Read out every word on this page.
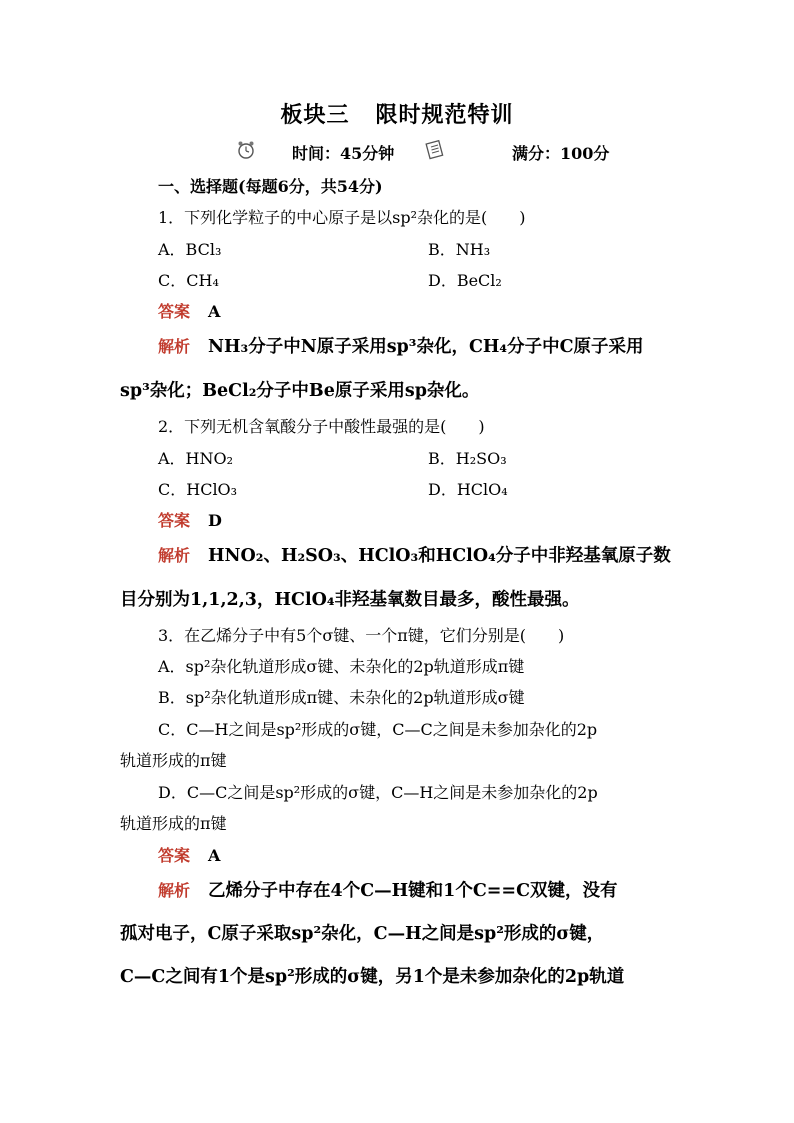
板块三 限时规范特训
时间：45分钟	满分：100分
一、选择题(每题6分，共54分)
1．下列化学粒子的中心原子是以sp²杂化的是(　　)
A．BCl₃	B．NH₃
C．CH₄	D．BeCl₂
答案 A
解析 NH₃分子中N原子采用sp³杂化，CH₄分子中C原子采用
sp³杂化；BeCl₂分子中Be原子采用sp杂化。
2．下列无机含氧酸分子中酸性最强的是(　　)
A．HNO₂	B．H₂SO₃
C．HClO₃	D．HClO₄
答案 D
解析 HNO₂、H₂SO₃、HClO₃和HClO₄分子中非羟基氧原子数
目分别为1,1,2,3，HClO₄非羟基氧数目最多，酸性最强。
3．在乙烯分子中有5个σ键、一个π键，它们分别是(　　)
A．sp²杂化轨道形成σ键、未杂化的2p轨道形成π键
B．sp²杂化轨道形成π键、未杂化的2p轨道形成σ键
C．C—H之间是sp²形成的σ键，C—C之间是未参加杂化的2p
轨道形成的π键
D．C—C之间是sp²形成的σ键，C—H之间是未参加杂化的2p
轨道形成的π键
答案 A
解析 乙烯分子中存在4个C—H键和1个C==C双键，没有
孤对电子，C原子采取sp²杂化，C—H之间是sp²形成的σ键，
C—C之间有1个是sp²形成的σ键，另1个是未参加杂化的2p轨道
